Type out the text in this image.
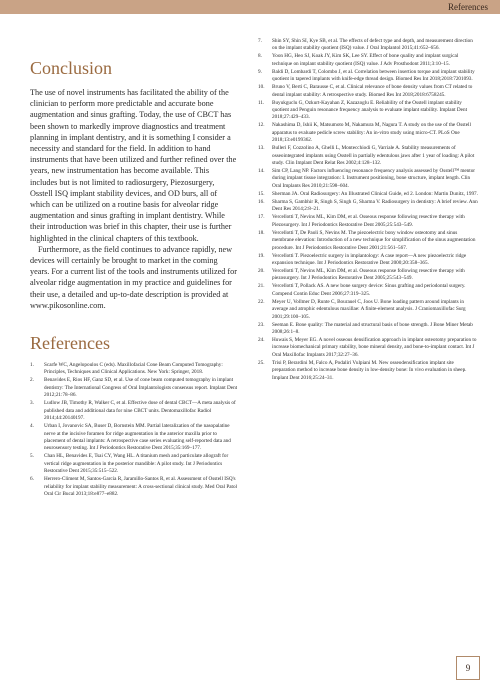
References
Conclusion

The use of novel instruments has facilitated the ability of the clinician to perform more predictable and accurate bone augmentation and sinus grafting. Today, the use of CBCT has been shown to markedly improve diagnostics and treatment planning in implant dentistry, and it is something I consider a necessity and standard for the field. In addition to hand instruments that have been utilized and further refined over the years, new instrumentation has become available. This includes but is not limited to radiosurgery, Piezosurgery, Osstell ISQ implant stability devices, and OD burs, all of which can be utilized on a routine basis for alveolar ridge augmentation and sinus grafting in implant dentistry. While their introduction was brief in this chapter, their use is further highlighted in the clinical chapters of this textbook.

Furthermore, as the field continues to advance rapidly, new devices will certainly be brought to market in the coming years. For a current list of the tools and instruments utilized for alveolar ridge augmentation in my practice and guidelines for their use, a detailed and up-to-date description is provided at www.pikosonline.com.

References
1.	Scarfe WC, Angelopoulos C (eds). Maxillofacial Cone Beam Computed Tomography: Principles, Techniques and Clinical Applications. New York: Springer, 2018.
2.	Benavides E, Rios HF, Ganz SD, et al. Use of cone beam computed tomography in implant dentistry: The International Congress of Oral Implantologists consensus report. Implant Dent 2012;21:78–86.
3.	Ludlow JB, Timothy R, Walker C, et al. Effective dose of dental CBCT—A meta analysis of published data and additional data for nine CBCT units. Dentomaxillofac Radiol 2014;44:20140197.
4.	Urban I, Jovanovic SA, Buser D, Bornstein MM. Partial lateralization of the nasopalatine nerve at the incisive foramen for ridge augmentation in the anterior maxilla prior to placement of dental implants: A retrospective case series evaluating self-reported data and neurosensory testing. Int J Periodontics Restorative Dent 2015;35:169–177.
5.	Chan HL, Benavides E, Tsai CY, Wang HL. A titanium mesh and particulate allograft for vertical ridge augmentation in the posterior mandible: A pilot study. Int J Periodontics Restorative Dent 2015;35:515–522.
6.	Herrero-Climent M, Santos-García R, Jaramillo-Santos R, et al. Assessment of Osstell ISQ's reliability for implant stability measurement: A cross-sectional clinical study. Med Oral Patol Oral Cir Bucal 2013;18:e877–e882.
7.	Shin SY, Shin SI, Kye SB, et al. The effects of defect type and depth, and measurement direction on the implant stability quotient (ISQ) value. J Oral Implantol 2015;41:652–656.
8.	Yoon HG, Heo SJ, Koak JY, Kim SK, Lee SY. Effect of bone quality and implant surgical technique on implant stability quotient (ISQ) value. J Adv Prosthodont 2011;3:10–15.
9.	Baldi D, Lombardi T, Colombo J, et al. Correlation between insertion torque and implant stability quotient in tapered implants with knife-edge thread design. Biomed Res Int 2018;2018:7201093.
10.	Bruno V, Berti C, Barausse C, et al. Clinical relevance of bone density values from CT related to dental implant stability: A retrospective study. Biomed Res Int 2018;2018:6758245.
11.	Buyukguclu G, Ozkurt-Kayahan Z, Kazazoglu E. Reliability of the Osstell implant stability quotient and Penguin resonance frequency analysis to evaluate implant stability. Implant Dent 2018;27:429–433.
12.	Nakashima D, Ishii K, Matsumoto M, Nakamura M, Nagura T. A study on the use of the Osstell apparatus to evaluate pedicle screw stability: An in-vitro study using micro-CT. PLoS One 2018;13:e0199362.
13.	Bulleri F, Cozzolino A, Ghelli L, Montecchiodi G, Varriale A. Stability measurements of osseointegrated implants using Osstell in partially edentulous jaws after 1 year of loading: A pilot study. Clin Implant Dent Relat Res 2002;4:128–132.
14.	Sim CP, Lang NP. Factors influencing resonance frequency analysis assessed by Osstell™ mentor during implant tissue integration: I. Instrument positioning, bone structure, implant length. Clin Oral Implants Res 2010;21:598–604.
15.	Sherman JA. Oral Radiosurgery: An Illustrated Clinical Guide, ed 2. London: Martin Dunitz, 1997.
16.	Sharma S, Gambhir R, Singh S, Singh G, Sharma V. Radiosurgery in dentistry: A brief review. Ann Dent Res 2014;2:8–21.
17.	Vercellotti T, Nevins ML, Kim DM, et al. Osseous response following resective therapy with Piezosurgery. Int J Periodontics Restorative Dent 2005;25:543–549.
18.	Vercellotti T, De Paoli S, Nevins M. The piezoelectric bony window osteotomy and sinus membrane elevation: Introduction of a new technique for simplification of the sinus augmentation procedure. Int J Periodontics Restorative Dent 2001;21:561–567.
19.	Vercellotti T. Piezoelectric surgery in implantology: A case report—A new piezoelectric ridge expansion technique. Int J Periodontics Restorative Dent 2000;20:358–365.
20.	Vercellotti T, Nevins ML, Kim DM, et al. Osseous response following resective therapy with piezosurgery. Int J Periodontics Restorative Dent 2005;25:543–549.
21.	Vercellotti T, Pollack AS. A new bone surgery device: Sinus grafting and periodontal surgery. Compend Contin Educ Dent 2006;27:319–325.
22.	Meyer U, Vollmer D, Runte C, Bourauel C, Joos U. Bone loading pattern around implants in average and atrophic edentulous maxillae: A finite-element analysis. J Craniomaxillofac Surg 2001;29:100–105.
23.	Seeman E. Bone quality: The material and structural basis of bone strength. J Bone Miner Metab 2008;26:1–8.
24.	Huwais S, Meyer EG. A novel osseous densification approach in implant osteotomy preparation to increase biomechanical primary stability, bone mineral density, and bone-to-implant contact. Int J Oral Maxillofac Implants 2017;32:27–36.
25.	Trisi P, Berardini M, Falco A, Podaliri Vulpiani M. New osseodensification implant site preparation method to increase bone density in low-density bone: In vivo evaluation in sheep. Implant Dent 2016;25:24–31.
9
